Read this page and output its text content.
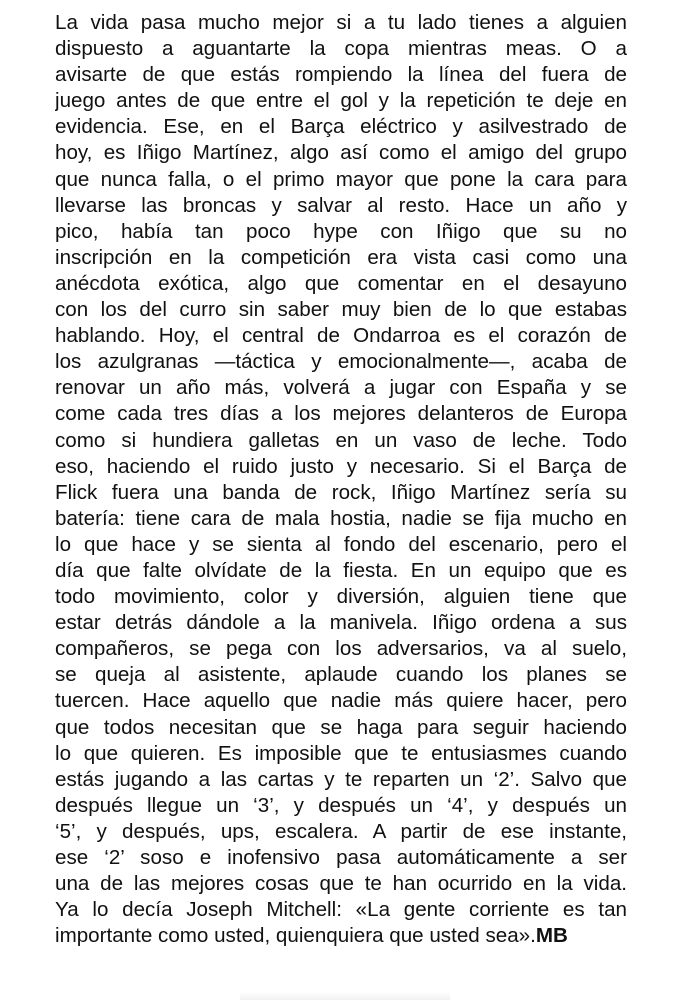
La vida pasa mucho mejor si a tu lado tienes a alguien
dispuesto a aguantarte la copa mientras meas. O a
avisarte de que estás rompiendo la línea del fuera de
juego antes de que entre el gol y la repetición te deje en
evidencia. Ese, en el Barça eléctrico y asilvestrado de
hoy, es Iñigo Martínez, algo así como el amigo del grupo
que nunca falla, o el primo mayor que pone la cara para
llevarse las broncas y salvar al resto. Hace un año y
pico, había tan poco hype con Iñigo que su no
inscripción en la competición era vista casi como una
anécdota exótica, algo que comentar en el desayuno
con los del curro sin saber muy bien de lo que estabas
hablando. Hoy, el central de Ondarroa es el corazón de
los azulgranas —táctica y emocionalmente—, acaba de
renovar un año más, volverá a jugar con España y se
come cada tres días a los mejores delanteros de Europa
como si hundiera galletas en un vaso de leche. Todo
eso, haciendo el ruido justo y necesario. Si el Barça de
Flick fuera una banda de rock, Iñigo Martínez sería su
batería: tiene cara de mala hostia, nadie se fija mucho en
lo que hace y se sienta al fondo del escenario, pero el
día que falte olvídate de la fiesta. En un equipo que es
todo movimiento, color y diversión, alguien tiene que
estar detrás dándole a la manivela. Iñigo ordena a sus
compañeros, se pega con los adversarios, va al suelo,
se queja al asistente, aplaude cuando los planes se
tuercen. Hace aquello que nadie más quiere hacer, pero
que todos necesitan que se haga para seguir haciendo
lo que quieren. Es imposible que te entusiasmes cuando
estás jugando a las cartas y te reparten un ‘2’. Salvo que
después llegue un ‘3’, y después un ‘4’, y después un
‘5’, y después, ups, escalera. A partir de ese instante,
ese ‘2’ soso e inofensivo pasa automáticamente a ser
una de las mejores cosas que te han ocurrido en la vida.
Ya lo decía Joseph Mitchell: «La gente corriente es tan
importante como usted, quienquiera que usted sea».MB
